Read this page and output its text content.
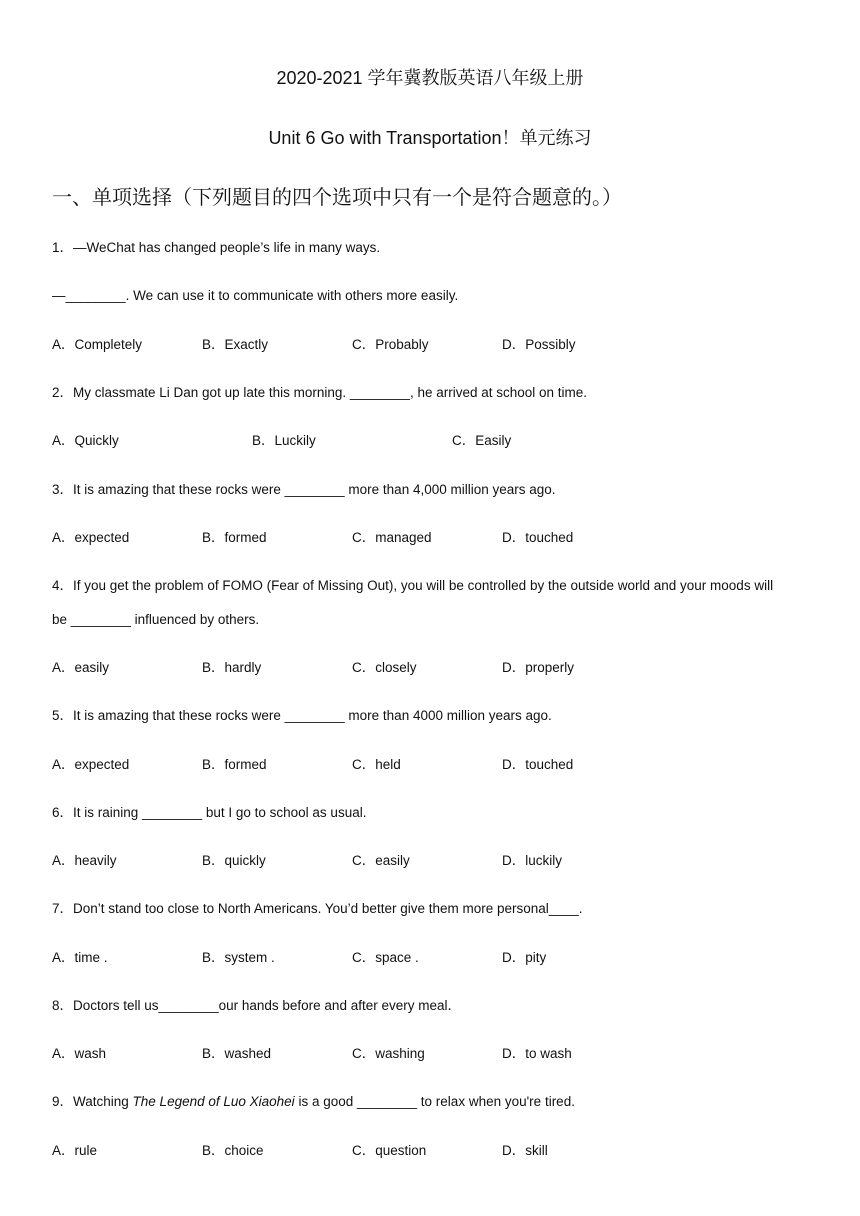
2020-2021 学年冀教版英语八年级上册
Unit 6 Go with Transportation！单元练习
一、单项选择（下列题目的四个选项中只有一个是符合题意的。）
1．—WeChat has changed people’s life in many ways.
—________. We can use it to communicate with others more easily.
A．Completely	B．Exactly	C．Probably	D．Possibly
2．My classmate Li Dan got up late this morning. ________, he arrived at school on time.
A．Quickly	B．Luckily	C．Easily
3．It is amazing that these rocks were ________ more than 4,000 million years ago.
A．expected	B．formed	C．managed	D．touched
4．If you get the problem of FOMO (Fear of Missing Out), you will be controlled by the outside world and your moods will
be ________ influenced by others.
A．easily	B．hardly	C．closely	D．properly
5．It is amazing that these rocks were ________ more than 4000 million years ago.
A．expected	B．formed	C．held	D．touched
6．It is raining ________ but I go to school as usual.
A．heavily	B．quickly	C．easily	D．luckily
7．Don’t stand too close to North Americans. You’d better give them more personal____.
A．time .	B．system .	C．space .	D．pity
8．Doctors tell us________our hands before and after every meal．
A．wash	B．washed	C．washing	D．to wash
9．Watching The Legend of Luo Xiaohei is a good ________ to relax when you're tired.
A．rule	B．choice	C．question	D．skill
